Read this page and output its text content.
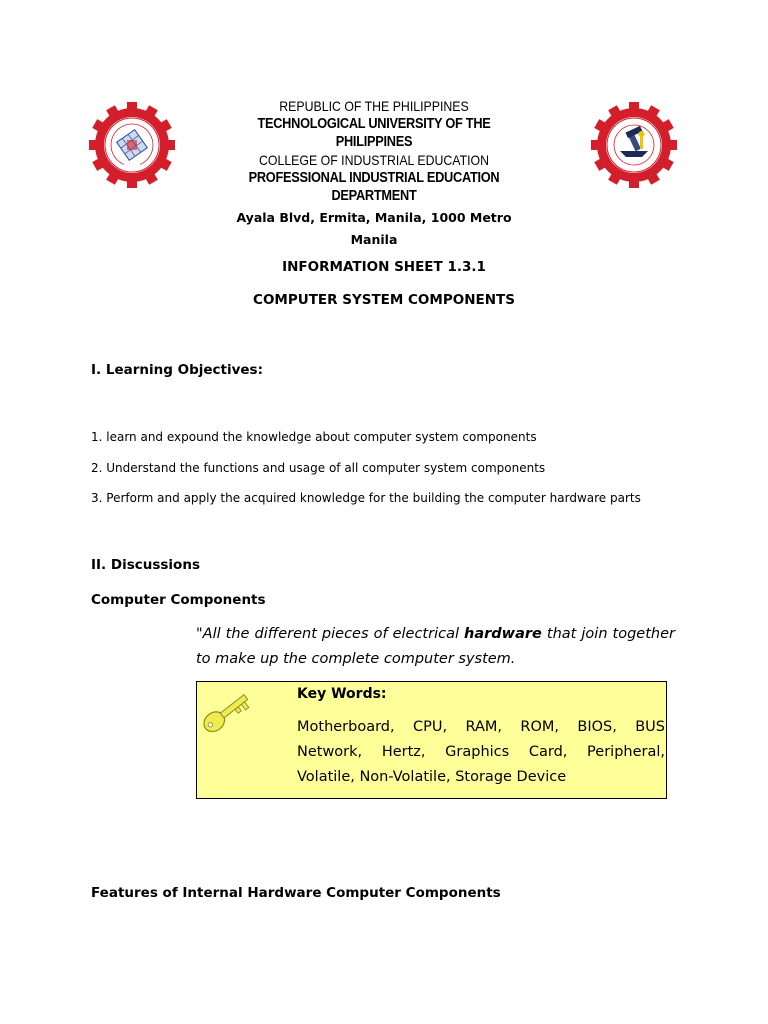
REPUBLIC OF THE PHILIPPINES
TECHNOLOGICAL UNIVERSITY OF THE
PHILIPPINES
COLLEGE OF INDUSTRIAL EDUCATION
PROFESSIONAL INDUSTRIAL EDUCATION
DEPARTMENT
Ayala Blvd, Ermita, Manila, 1000 Metro
Manila
INFORMATION SHEET 1.3.1
COMPUTER SYSTEM COMPONENTS
I. Learning Objectives:
1. learn and expound the knowledge about computer system components
2. Understand the functions and usage of all computer system components
3. Perform and apply the acquired knowledge for the building the computer hardware parts
II. Discussions
Computer Components
"All the different pieces of electrical hardware that join together to make up the complete computer system.
Key Words:
Motherboard, CPU, RAM, ROM, BIOS, BUS Network, Hertz, Graphics Card, Peripheral, Volatile, Non-Volatile, Storage Device
Features of Internal Hardware Computer Components
